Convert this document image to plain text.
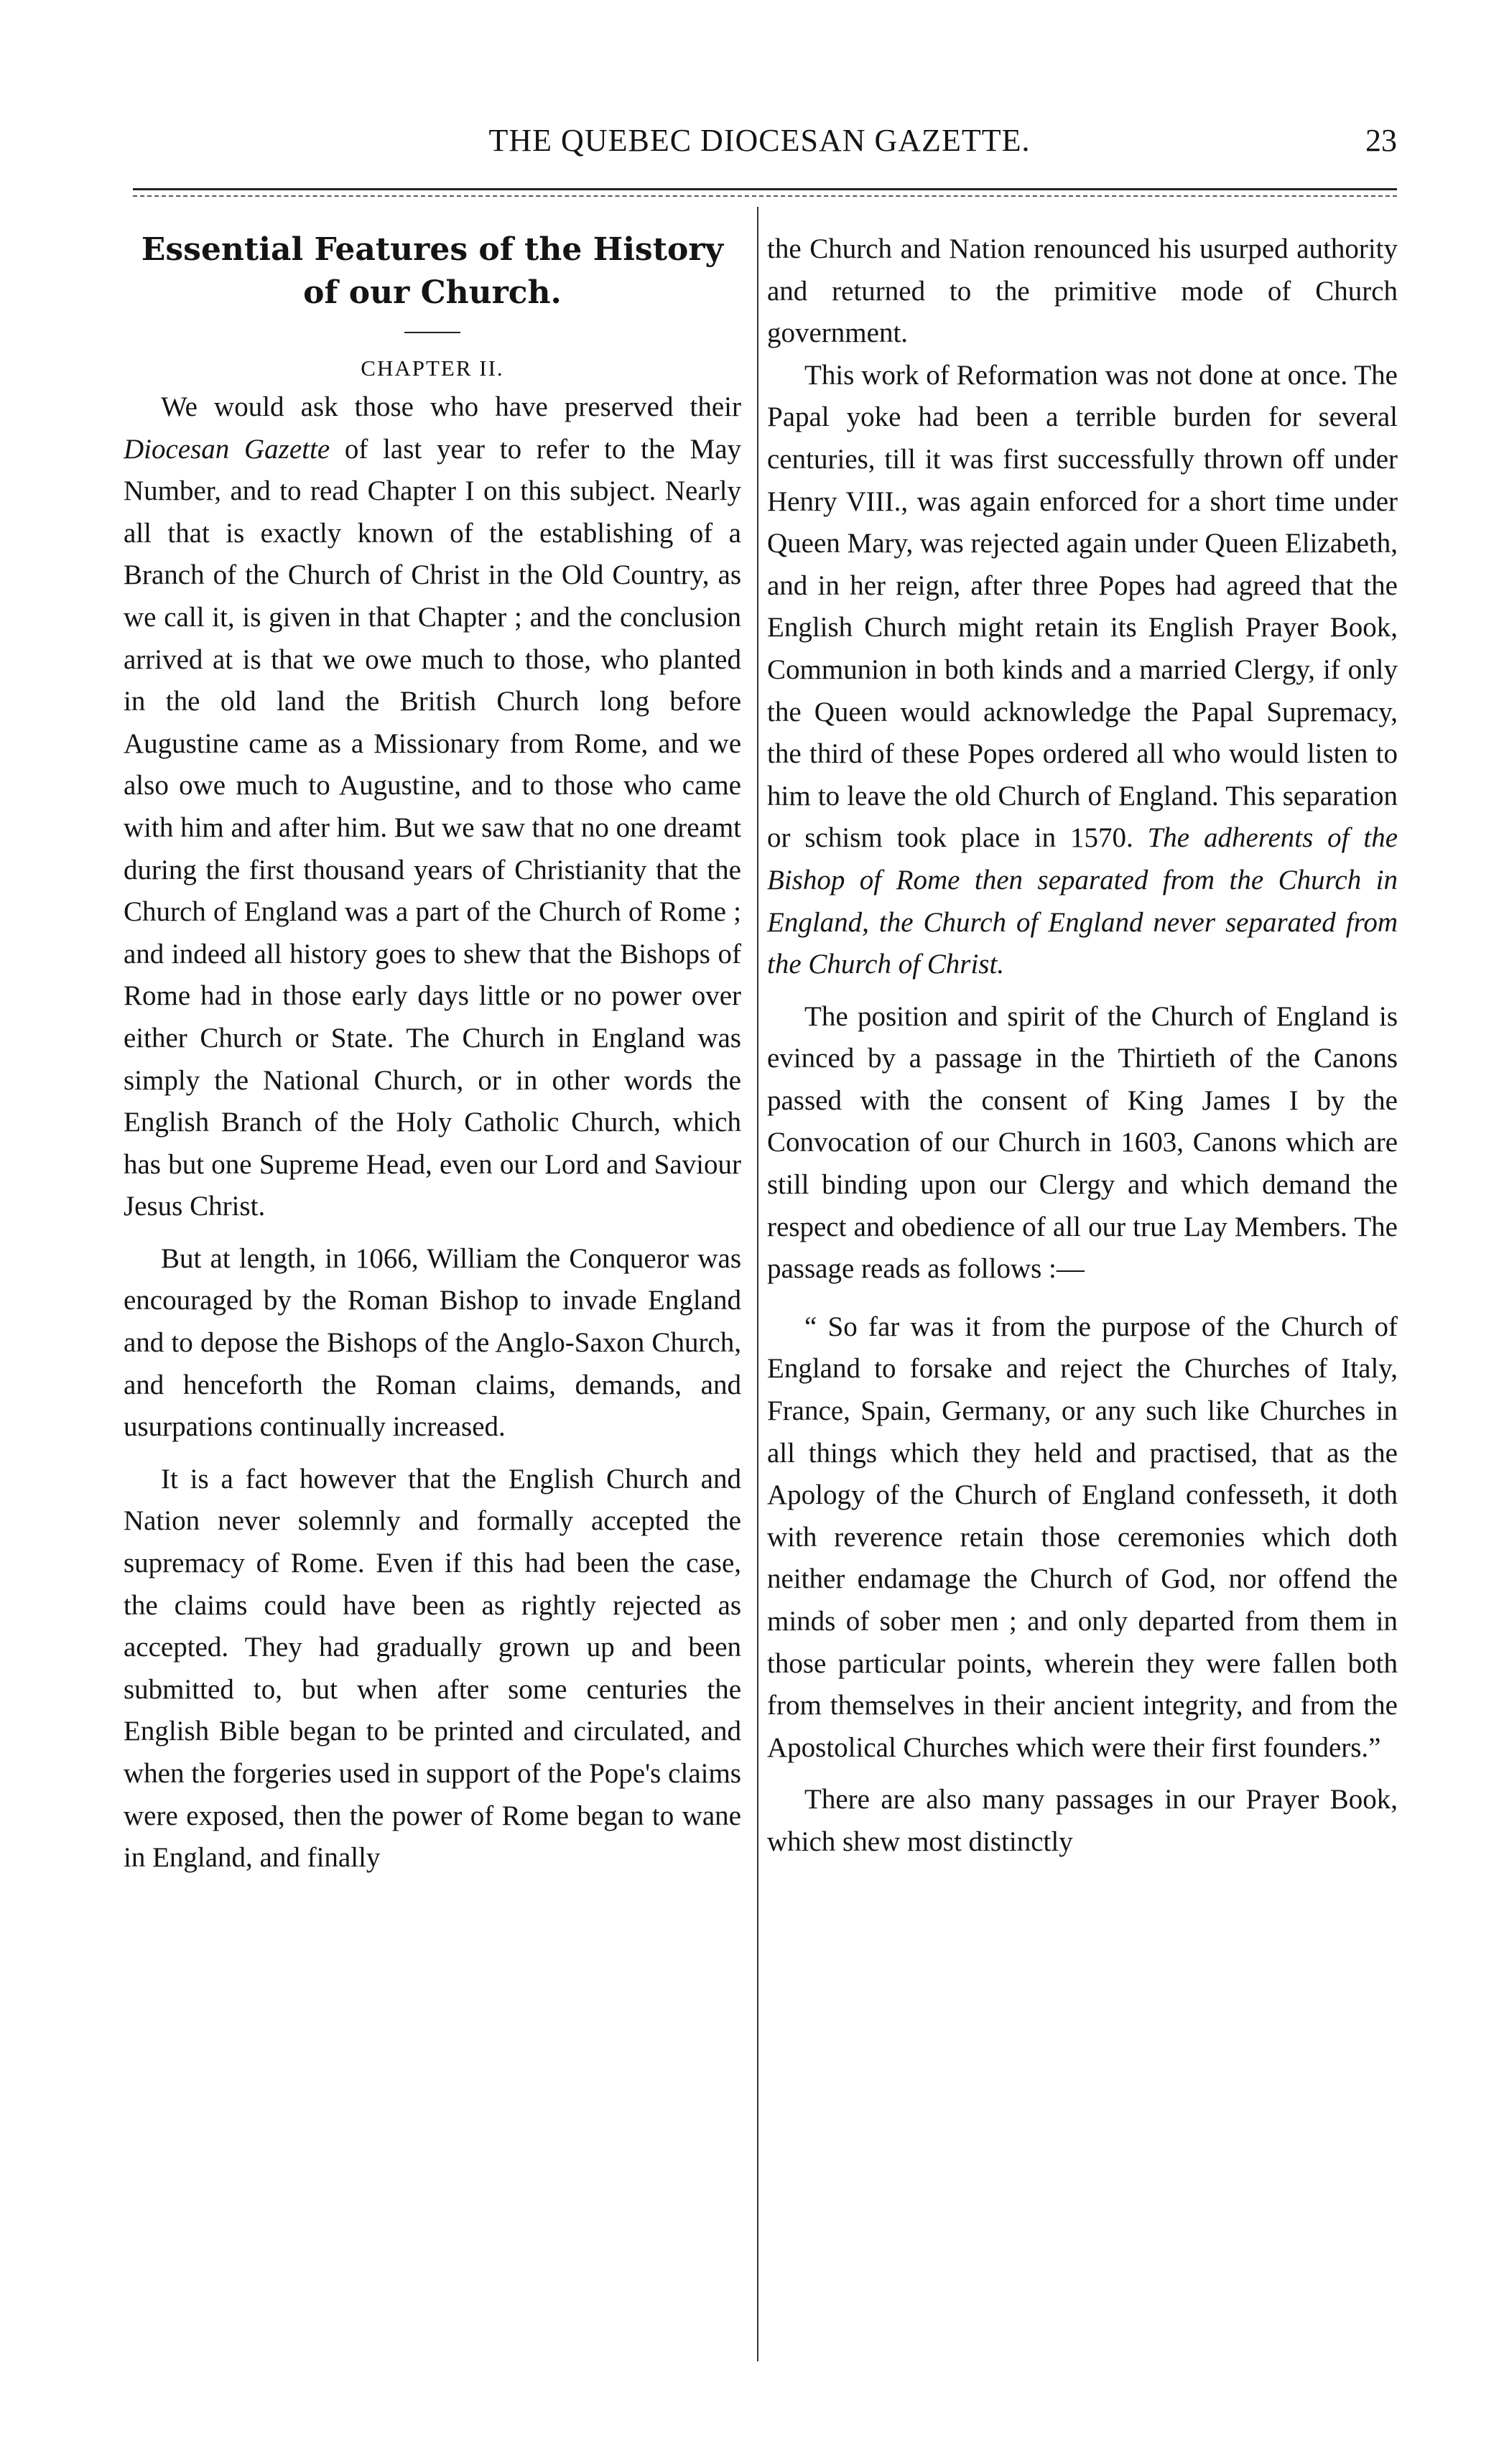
THE QUEBEC DIOCESAN GAZETTE.	23
Essential Features of the History
of our Church.
CHAPTER II.

We would ask those who have preserved their Diocesan Gazette of last year to refer to the May Number, and to read Chapter I on this subject. Nearly all that is exactly known of the establishing of a Branch of the Church of Christ in the Old Country, as we call it, is given in that Chapter ; and the conclusion arrived at is that we owe much to those, who planted in the old land the British Church long before Augustine came as a Missionary from Rome, and we also owe much to Augustine, and to those who came with him and after him. But we saw that no one dreamt during the first thousand years of Christianity that the Church of England was a part of the Church of Rome ; and indeed all history goes to shew that the Bishops of Rome had in those early days little or no power over either Church or State. The Church in England was simply the National Church, or in other words the English Branch of the Holy Catholic Church, which has but one Supreme Head, even our Lord and Saviour Jesus Christ.

But at length, in 1066, William the Conqueror was encouraged by the Roman Bishop to invade England and to depose the Bishops of the Anglo-Saxon Church, and henceforth the Roman claims, demands, and usurpations continually increased.

It is a fact however that the English Church and Nation never solemnly and formally accepted the supremacy of Rome. Even if this had been the case, the claims could have been as rightly rejected as accepted. They had gradually grown up and been submitted to, but when after some centuries the English Bible began to be printed and circulated, and when the forgeries used in support of the Pope's claims were exposed, then the power of Rome began to wane in England, and finally

the Church and Nation renounced his usurped authority and returned to the primitive mode of Church government.

This work of Reformation was not done at once. The Papal yoke had been a terrible burden for several centuries, till it was first successfully thrown off under Henry VIII., was again enforced for a short time under Queen Mary, was rejected again under Queen Elizabeth, and in her reign, after three Popes had agreed that the English Church might retain its English Prayer Book, Communion in both kinds and a married Clergy, if only the Queen would acknowledge the Papal Supremacy, the third of these Popes ordered all who would listen to him to leave the old Church of England. This separation or schism took place in 1570. The adherents of the Bishop of Rome then separated from the Church in England, the Church of England never separated from the Church of Christ.

The position and spirit of the Church of England is evinced by a passage in the Thirtieth of the Canons passed with the consent of King James I by the Convocation of our Church in 1603, Canons which are still binding upon our Clergy and which demand the respect and obedience of all our true Lay Members. The passage reads as follows :—

“ So far was it from the purpose of the Church of England to forsake and reject the Churches of Italy, France, Spain, Germany, or any such like Churches in all things which they held and practised, that as the Apology of the Church of England confesseth, it doth with reverence retain those ceremonies which doth neither endamage the Church of God, nor offend the minds of sober men ; and only departed from them in those particular points, wherein they were fallen both from themselves in their ancient integrity, and from the Apostolical Churches which were their first founders.”

There are also many passages in our Prayer Book, which shew most distinctly
